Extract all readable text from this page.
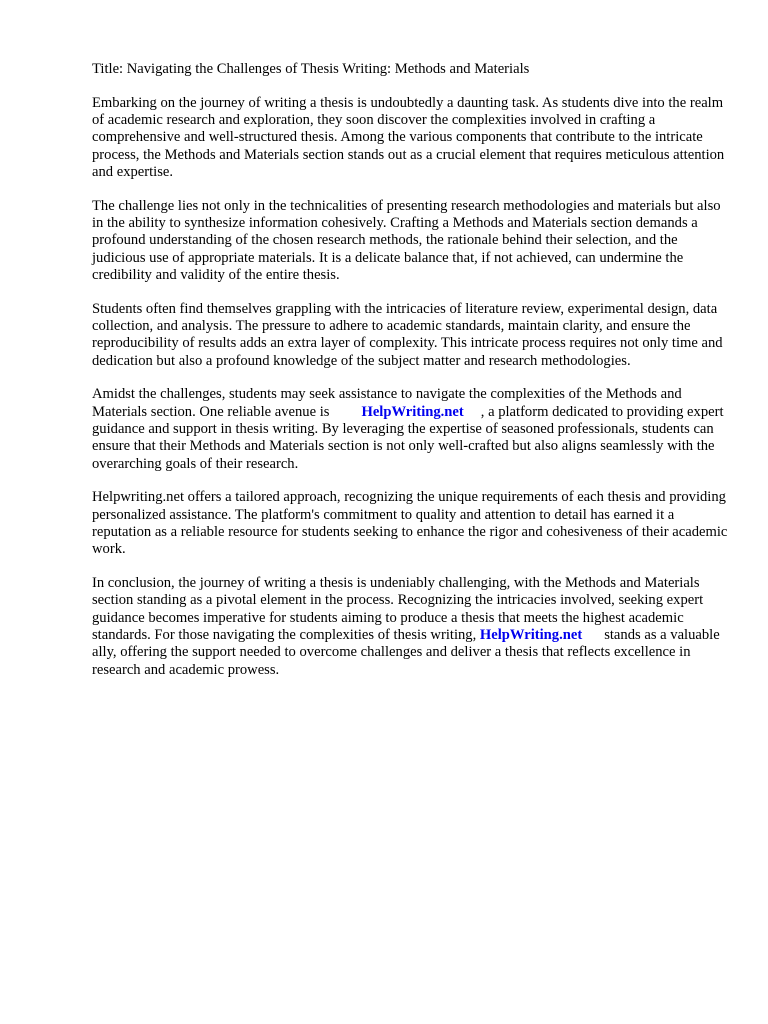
Title: Navigating the Challenges of Thesis Writing: Methods and Materials

Embarking on the journey of writing a thesis is undoubtedly a daunting task. As students dive into the realm of academic research and exploration, they soon discover the complexities involved in crafting a comprehensive and well-structured thesis. Among the various components that contribute to the intricate process, the Methods and Materials section stands out as a crucial element that requires meticulous attention and expertise.

The challenge lies not only in the technicalities of presenting research methodologies and materials but also in the ability to synthesize information cohesively. Crafting a Methods and Materials section demands a profound understanding of the chosen research methods, the rationale behind their selection, and the judicious use of appropriate materials. It is a delicate balance that, if not achieved, can undermine the credibility and validity of the entire thesis.

Students often find themselves grappling with the intricacies of literature review, experimental design, data collection, and analysis. The pressure to adhere to academic standards, maintain clarity, and ensure the reproducibility of results adds an extra layer of complexity. This intricate process requires not only time and dedication but also a profound knowledge of the subject matter and research methodologies.

Amidst the challenges, students may seek assistance to navigate the complexities of the Methods and Materials section. One reliable avenue is HelpWriting.net , a platform dedicated to providing expert guidance and support in thesis writing. By leveraging the expertise of seasoned professionals, students can ensure that their Methods and Materials section is not only well-crafted but also aligns seamlessly with the overarching goals of their research.

Helpwriting.net offers a tailored approach, recognizing the unique requirements of each thesis and providing personalized assistance. The platform's commitment to quality and attention to detail has earned it a reputation as a reliable resource for students seeking to enhance the rigor and cohesiveness of their academic work.

In conclusion, the journey of writing a thesis is undeniably challenging, with the Methods and Materials section standing as a pivotal element in the process. Recognizing the intricacies involved, seeking expert guidance becomes imperative for students aiming to produce a thesis that meets the highest academic standards. For those navigating the complexities of thesis writing, HelpWriting.net stands as a valuable ally, offering the support needed to overcome challenges and deliver a thesis that reflects excellence in research and academic prowess.
